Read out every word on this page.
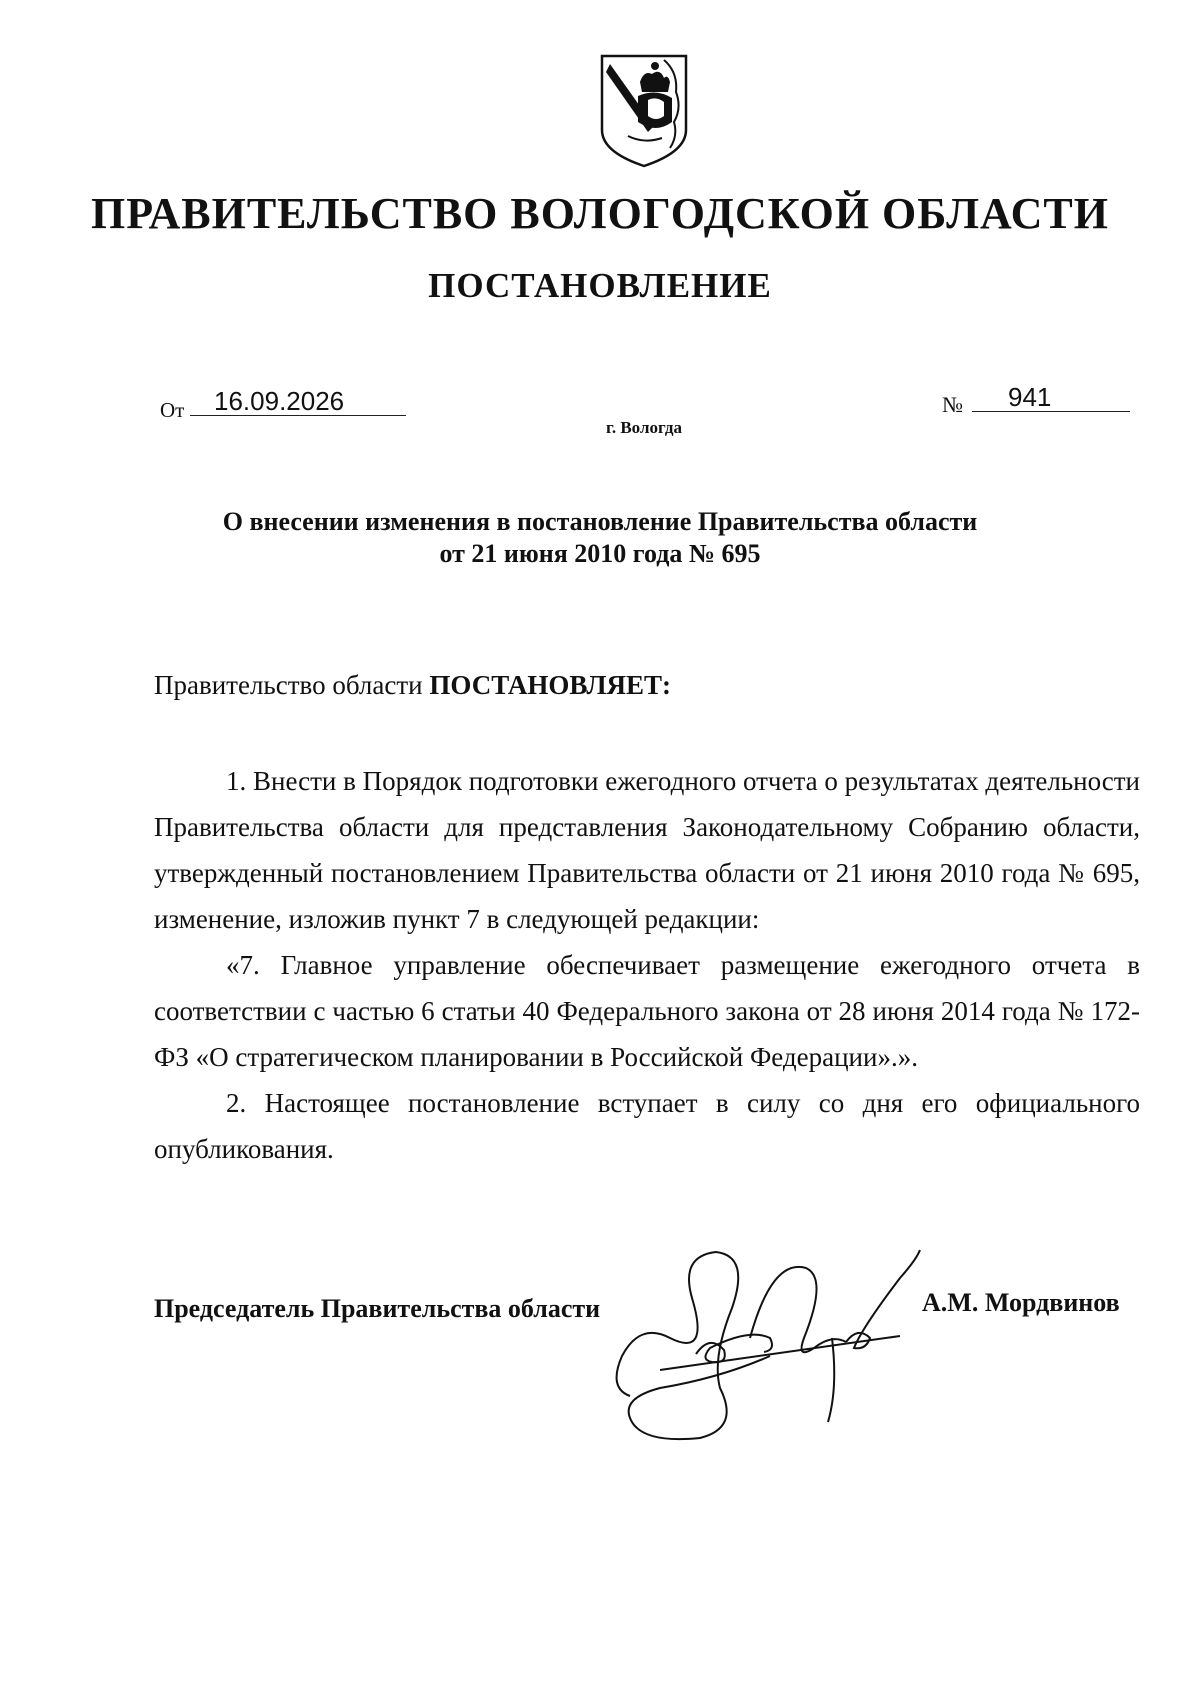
ПРАВИТЕЛЬСТВО ВОЛОГОДСКОЙ ОБЛАСТИ
ПОСТАНОВЛЕНИЕ
От	16.09.2026	№	941
г. Вологда
О внесении изменения в постановление Правительства области
от 21 июня 2010 года № 695
Правительство области ПОСТАНОВЛЯЕТ:

1. Внести в Порядок подготовки ежегодного отчета о результатах деятельности Правительства области для представления Законодательному Собранию области, утвержденный постановлением Правительства области от 21 июня 2010 года № 695, изменение, изложив пункт 7 в следующей редакции:

«7. Главное управление обеспечивает размещение ежегодного отчета в соответствии с частью 6 статьи 40 Федерального закона от 28 июня 2014 года № 172-ФЗ «О стратегическом планировании в Российской Федерации».».

2. Настоящее постановление вступает в силу со дня его официального опубликования.

Председатель Правительства области	А.М. Мордвинов
